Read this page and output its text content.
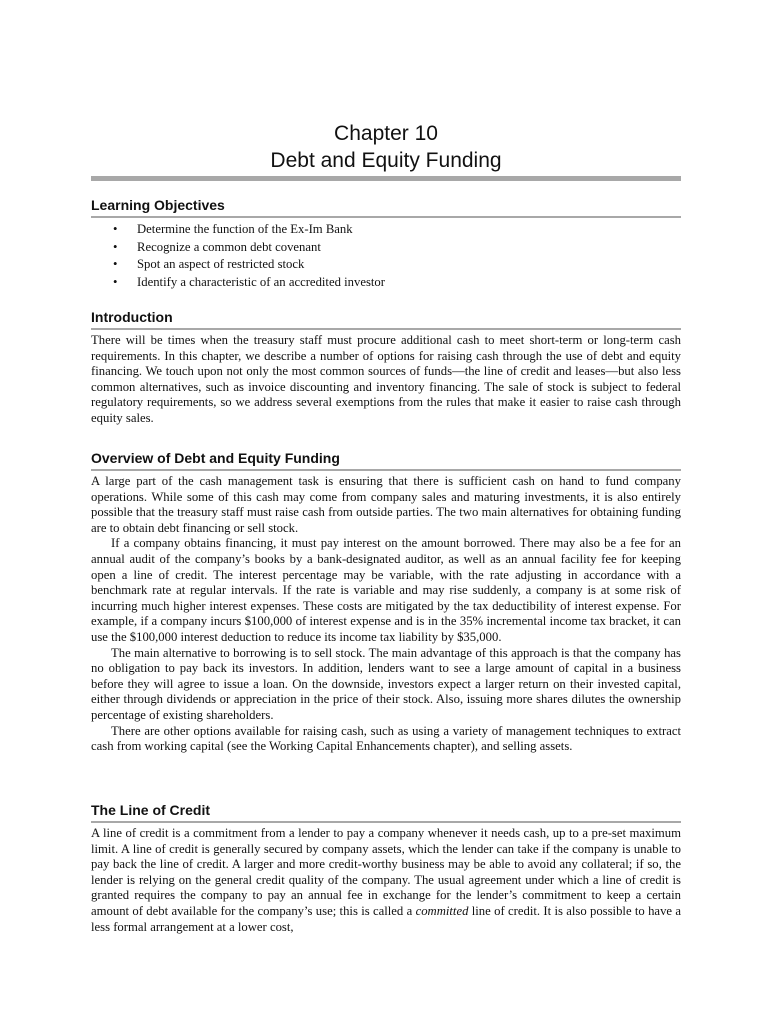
Chapter 10
Debt and Equity Funding
Learning Objectives
• Determine the function of the Ex-Im Bank
• Recognize a common debt covenant
• Spot an aspect of restricted stock
• Identify a characteristic of an accredited investor
Introduction

There will be times when the treasury staff must procure additional cash to meet short-term or long-term cash requirements. In this chapter, we describe a number of options for raising cash through the use of debt and equity financing. We touch upon not only the most common sources of funds—the line of credit and leases—but also less common alternatives, such as invoice discounting and inventory financing. The sale of stock is subject to federal regulatory requirements, so we address several exemptions from the rules that make it easier to raise cash through equity sales.

Overview of Debt and Equity Funding

A large part of the cash management task is ensuring that there is sufficient cash on hand to fund company operations. While some of this cash may come from company sales and maturing investments, it is also entirely possible that the treasury staff must raise cash from outside parties. The two main alternatives for obtaining funding are to obtain debt financing or sell stock.

If a company obtains financing, it must pay interest on the amount borrowed. There may also be a fee for an annual audit of the company’s books by a bank-designated auditor, as well as an annual facility fee for keeping open a line of credit. The interest percentage may be variable, with the rate adjusting in accordance with a benchmark rate at regular intervals. If the rate is variable and may rise suddenly, a company is at some risk of incurring much higher interest expenses. These costs are mitigated by the tax deductibility of interest expense. For example, if a company incurs $100,000 of interest expense and is in the 35% incremental income tax bracket, it can use the $100,000 interest deduction to reduce its income tax liability by $35,000.

The main alternative to borrowing is to sell stock. The main advantage of this approach is that the company has no obligation to pay back its investors. In addition, lenders want to see a large amount of capital in a business before they will agree to issue a loan. On the downside, investors expect a larger return on their invested capital, either through dividends or appreciation in the price of their stock. Also, issuing more shares dilutes the ownership percentage of existing shareholders.

There are other options available for raising cash, such as using a variety of management techniques to extract cash from working capital (see the Working Capital Enhancements chapter), and selling assets.

The Line of Credit

A line of credit is a commitment from a lender to pay a company whenever it needs cash, up to a pre-set maximum limit. A line of credit is generally secured by company assets, which the lender can take if the company is unable to pay back the line of credit. A larger and more credit-worthy business may be able to avoid any collateral; if so, the lender is relying on the general credit quality of the company. The usual agreement under which a line of credit is granted requires the company to pay an annual fee in exchange for the lender’s commitment to keep a certain amount of debt available for the company’s use; this is called a committed line of credit. It is also possible to have a less formal arrangement at a lower cost,
